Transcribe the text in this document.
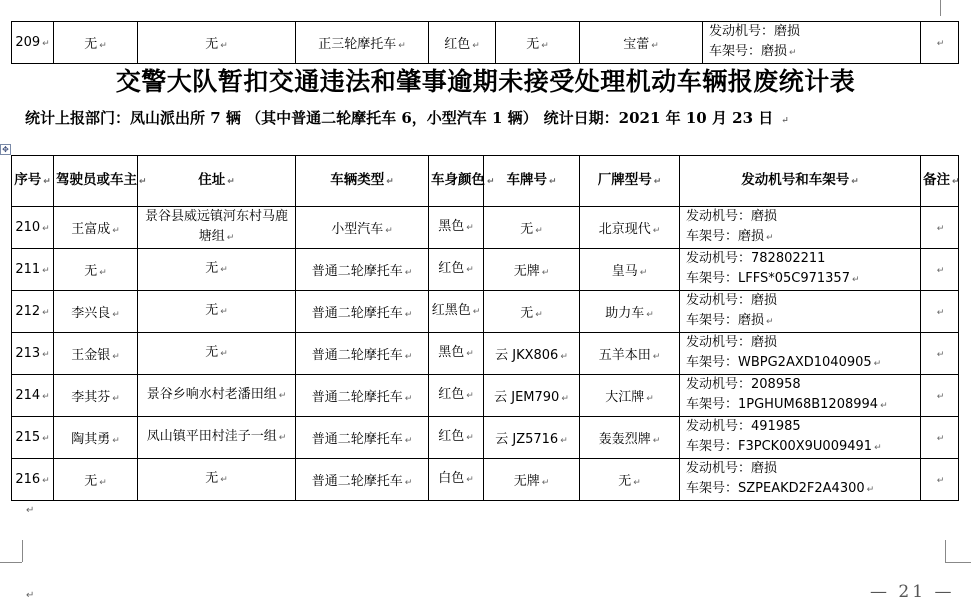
209 ↵	无 ↵	无 ↵	正三轮摩托车 ↵	红色 ↵	无 ↵	宝蕾 ↵	
发动机号：磨损
车架号：磨损 ↵
	↵
交警大队暂扣交通违法和肇事逾期未接受处理机动车辆报废统计表
统计上报部门：凤山派出所 7 辆 （其中普通二轮摩托车 6，小型汽车 1 辆） 统计日期：2021 年 10 月 23 日 ↵
✥
序号 ↵	驾驶员或车主 ↵	住址 ↵	车辆类型 ↵	车身颜色 ↵	车牌号 ↵	厂牌型号 ↵	发动机号和车架号 ↵	备注 ↵
210 ↵	王富成 ↵	景谷县威远镇河东村马鹿塘组 ↵	小型汽车 ↵	黑色 ↵	无 ↵	北京现代 ↵	发动机号：磨损
车架号：磨损 ↵	↵
211 ↵	无 ↵	无 ↵	普通二轮摩托车 ↵	红色 ↵	无牌 ↵	皇马 ↵	发动机号：782802211
车架号：LFFS*05C971357 ↵	↵
212 ↵	李兴良 ↵	无 ↵	普通二轮摩托车 ↵	红黑色 ↵	无 ↵	助力车 ↵	发动机号：磨损
车架号：磨损 ↵	↵
213 ↵	王金银 ↵	无 ↵	普通二轮摩托车 ↵	黑色 ↵	云 JKX806 ↵	五羊本田 ↵	发动机号：磨损
车架号：WBPG2AXD1040905 ↵	↵
214 ↵	李其芬 ↵	景谷乡响水村老潘田组 ↵	普通二轮摩托车 ↵	红色 ↵	云 JEM790 ↵	大江牌 ↵	发动机号：208958
车架号：1PGHUM68B1208994 ↵	↵
215 ↵	陶其勇 ↵	凤山镇平田村洼子一组 ↵	普通二轮摩托车 ↵	红色 ↵	云 JZ5716 ↵	轰轰烈牌 ↵	发动机号：491985
车架号：F3PCK00X9U009491 ↵	↵
216 ↵	无 ↵	无 ↵	普通二轮摩托车 ↵	白色 ↵	无牌 ↵	无 ↵	发动机号：磨损
车架号：SZPEAKD2F2A4300 ↵	↵
↵
↵	— 21 —
